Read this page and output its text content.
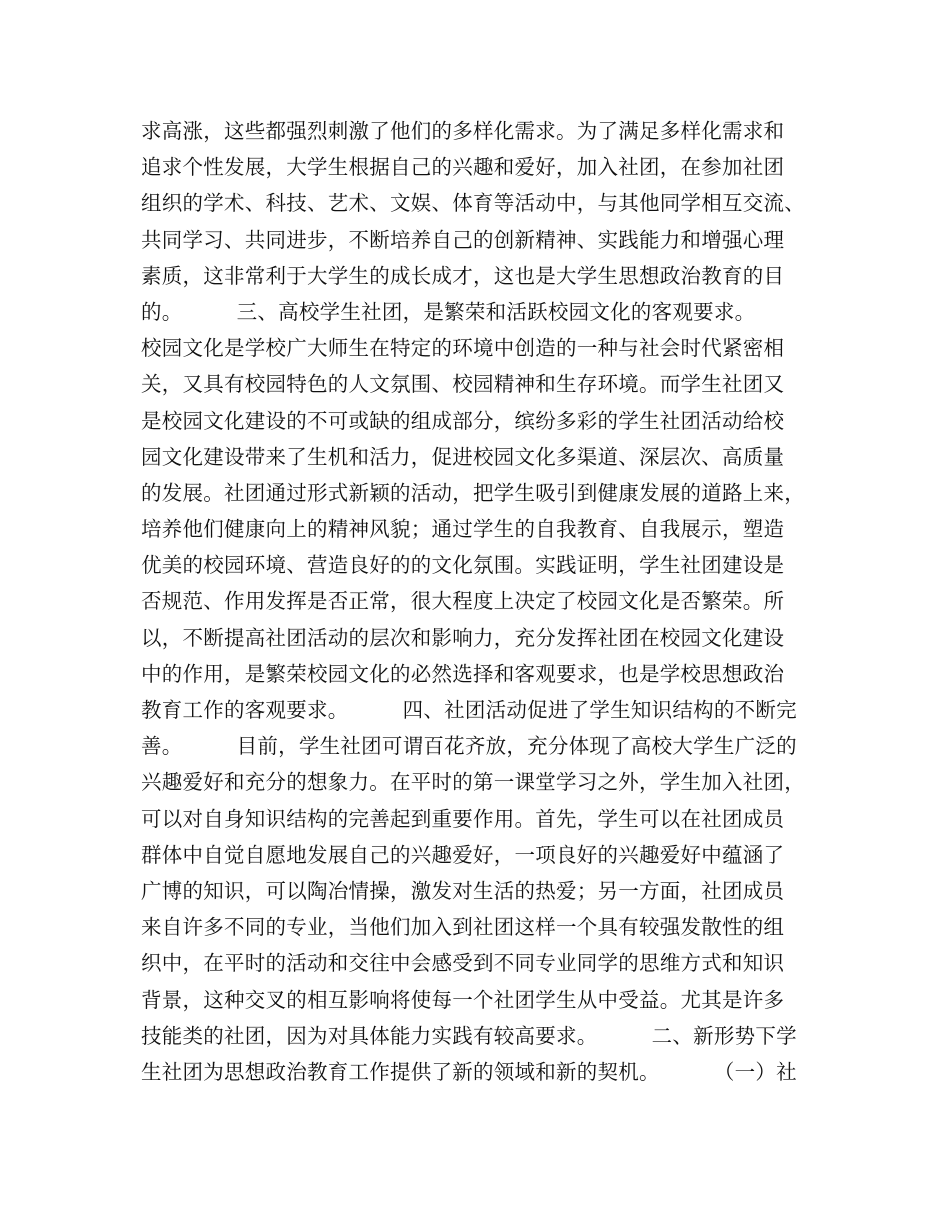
求高涨，这些都强烈刺激了他们的多样化需求。为了满足多样化需求和
追求个性发展，大学生根据自己的兴趣和爱好，加入社团，在参加社团
组织的学术、科技、艺术、文娱、体育等活动中，与其他同学相互交流、
共同学习、共同进步，不断培养自己的创新精神、实践能力和增强心理
素质，这非常利于大学生的成长成才，这也是大学生思想政治教育的目
的。        三、高校学生社团，是繁荣和活跃校园文化的客观要求。
校园文化是学校广大师生在特定的环境中创造的一种与社会时代紧密相
关，又具有校园特色的人文氛围、校园精神和生存环境。而学生社团又
是校园文化建设的不可或缺的组成部分，缤纷多彩的学生社团活动给校
园文化建设带来了生机和活力，促进校园文化多渠道、深层次、高质量
的发展。社团通过形式新颖的活动，把学生吸引到健康发展的道路上来，
培养他们健康向上的精神风貌；通过学生的自我教育、自我展示，塑造
优美的校园环境、营造良好的的文化氛围。实践证明，学生社团建设是
否规范、作用发挥是否正常，很大程度上决定了校园文化是否繁荣。所
以，不断提高社团活动的层次和影响力，充分发挥社团在校园文化建设
中的作用，是繁荣校园文化的必然选择和客观要求，也是学校思想政治
教育工作的客观要求。        四、社团活动促进了学生知识结构的不断完
善。        目前，学生社团可谓百花齐放，充分体现了高校大学生广泛的
兴趣爱好和充分的想象力。在平时的第一课堂学习之外，学生加入社团，
可以对自身知识结构的完善起到重要作用。首先，学生可以在社团成员
群体中自觉自愿地发展自己的兴趣爱好，一项良好的兴趣爱好中蕴涵了
广博的知识，可以陶冶情操，激发对生活的热爱；另一方面，社团成员
来自许多不同的专业，当他们加入到社团这样一个具有较强发散性的组
织中，在平时的活动和交往中会感受到不同专业同学的思维方式和知识
背景，这种交叉的相互影响将使每一个社团学生从中受益。尤其是许多
技能类的社团，因为对具体能力实践有较高要求。        二、新形势下学
生社团为思想政治教育工作提供了新的领域和新的契机。        （一）社
